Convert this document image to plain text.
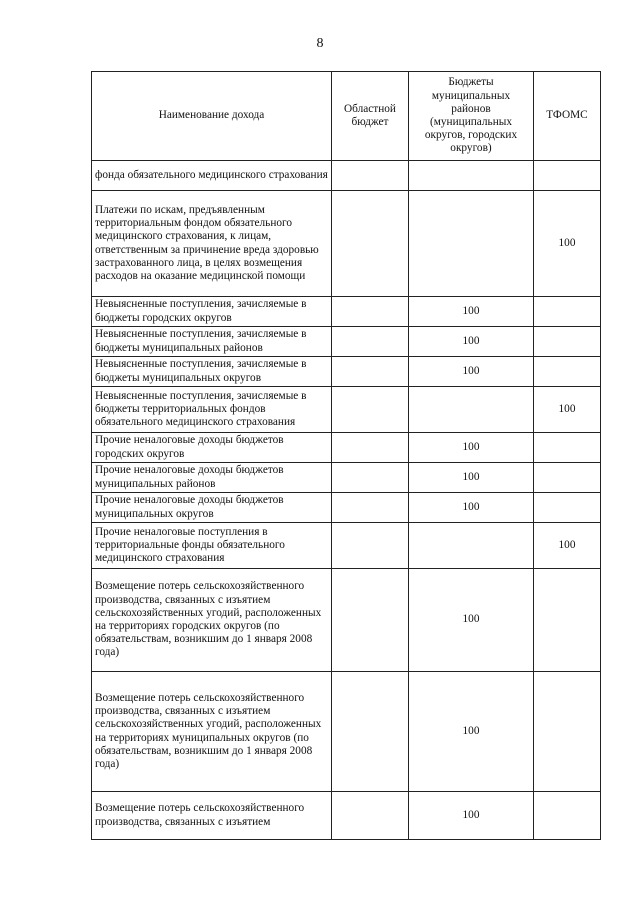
8
Наименование дохода	Областной бюджет	Бюджеты муниципальных районов (муниципальных округов, городских округов)	ТФОМС
фонда обязательного медицинского страхования			
Платежи по искам, предъявленным территориальным фондом обязательного медицинского страхования, к лицам, ответственным за причинение вреда здоровью застрахованного лица, в целях возмещения расходов на оказание медицинской помощи			100
Невыясненные поступления, зачисляемые в бюджеты городских округов		100	
Невыясненные поступления, зачисляемые в бюджеты муниципальных районов		100	
Невыясненные поступления, зачисляемые в бюджеты муниципальных округов		100	
Невыясненные поступления, зачисляемые в бюджеты территориальных фондов обязательного медицинского страхования			100
Прочие неналоговые доходы бюджетов городских округов		100	
Прочие неналоговые доходы бюджетов муниципальных районов		100	
Прочие неналоговые доходы бюджетов муниципальных округов		100	
Прочие неналоговые поступления в территориальные фонды обязательного медицинского страхования			100
Возмещение потерь сельскохозяйственного производства, связанных с изъятием сельскохозяйственных угодий, расположенных на территориях городских округов (по обязательствам, возникшим до 1 января 2008 года)		100	
Возмещение потерь сельскохозяйственного производства, связанных с изъятием сельскохозяйственных угодий, расположенных на территориях муниципальных округов (по обязательствам, возникшим до 1 января 2008 года)		100	
Возмещение потерь сельскохозяйственного производства, связанных с изъятием		100	
